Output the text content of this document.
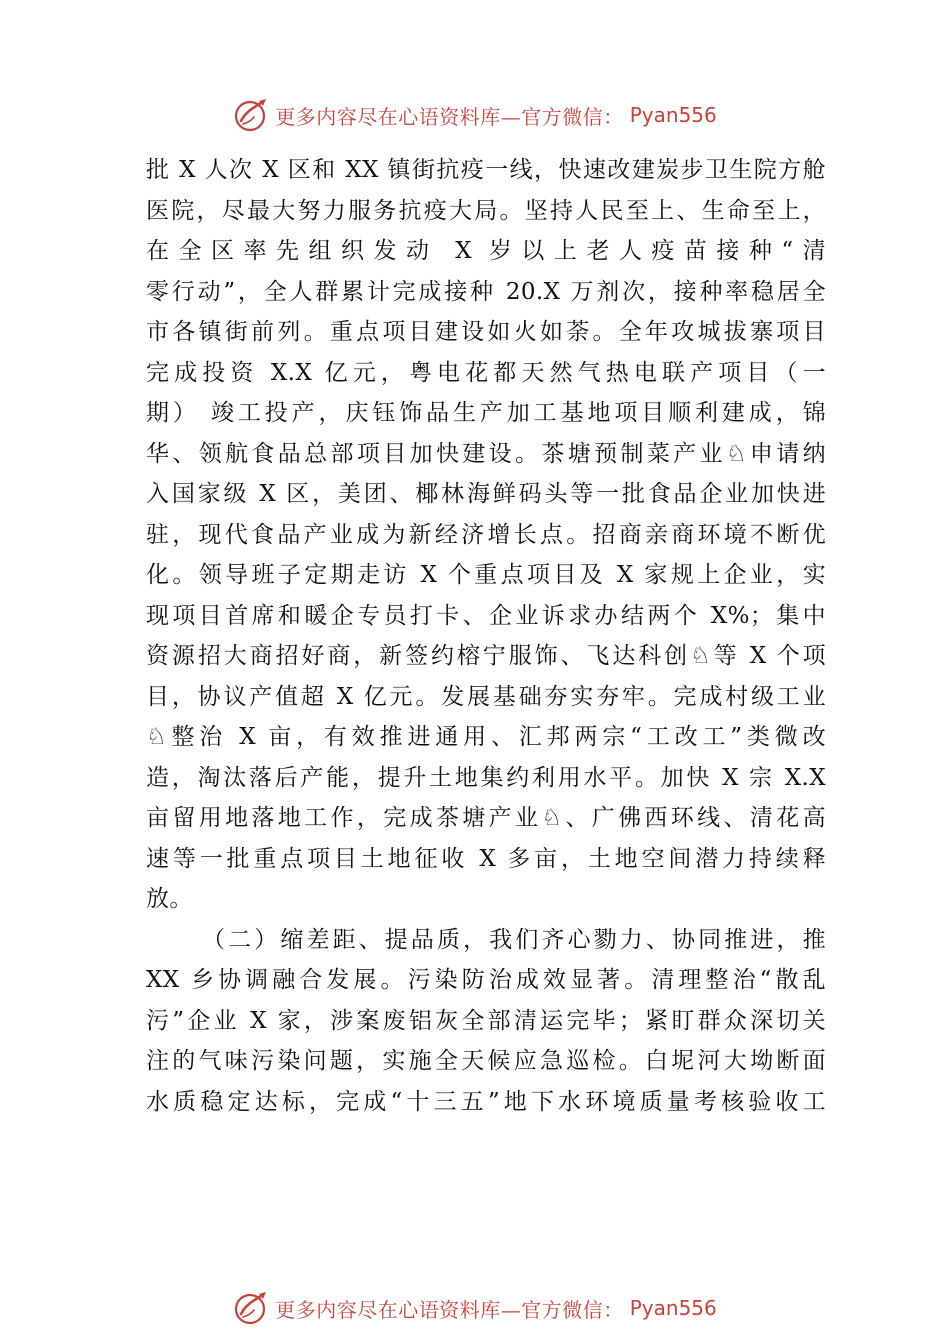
更多内容尽在心语资料库—官方微信： Pyan556
批 X 人次 X 区和 XX 镇街抗疫一线，快速改建炭步卫生院方舱
医院，尽最大努力服务抗疫大局。坚持人民至上、生命至上，
在全区率先组织发动 X 岁以上老人疫苗接种“清
零行动”，全人群累计完成接种 20.X 万剂次，接种率稳居全
市各镇街前列。重点项目建设如火如荼。全年攻城拔寨项目
完成投资 X.X 亿元，粤电花都天然气热电联产项目（一
期） 竣工投产，庆钰饰品生产加工基地项目顺利建成，锦
华、领航食品总部项目加快建设。茶塘预制菜产业♘申请纳
入国家级 X 区，美团、椰林海鲜码头等一批食品企业加快进
驻，现代食品产业成为新经济增长点。招商亲商环境不断优
化。领导班子定期走访 X 个重点项目及 X 家规上企业，实
现项目首席和暖企专员打卡、企业诉求办结两个 X%；集中
资源招大商招好商，新签约榕宁服饰、飞达科创♘等 X 个项
目，协议产值超 X 亿元。发展基础夯实夯牢。完成村级工业
♘整治 X 亩，有效推进通用、汇邦两宗“工改工”类微改
造，淘汰落后产能，提升土地集约利用水平。加快 X 宗 X.X
亩留用地落地工作，完成茶塘产业♘、广佛西环线、清花高
速等一批重点项目土地征收 X 多亩，土地空间潜力持续释
放。
（二）缩差距、提品质，我们齐心勠力、协同推进，推
XX 乡协调融合发展。污染防治成效显著。清理整治“散乱
污”企业 X 家，涉案废铝灰全部清运完毕；紧盯群众深切关
注的气味污染问题，实施全天候应急巡检。白坭河大坳断面
水质稳定达标，完成“十三五”地下水环境质量考核验收工
更多内容尽在心语资料库—官方微信： Pyan556
